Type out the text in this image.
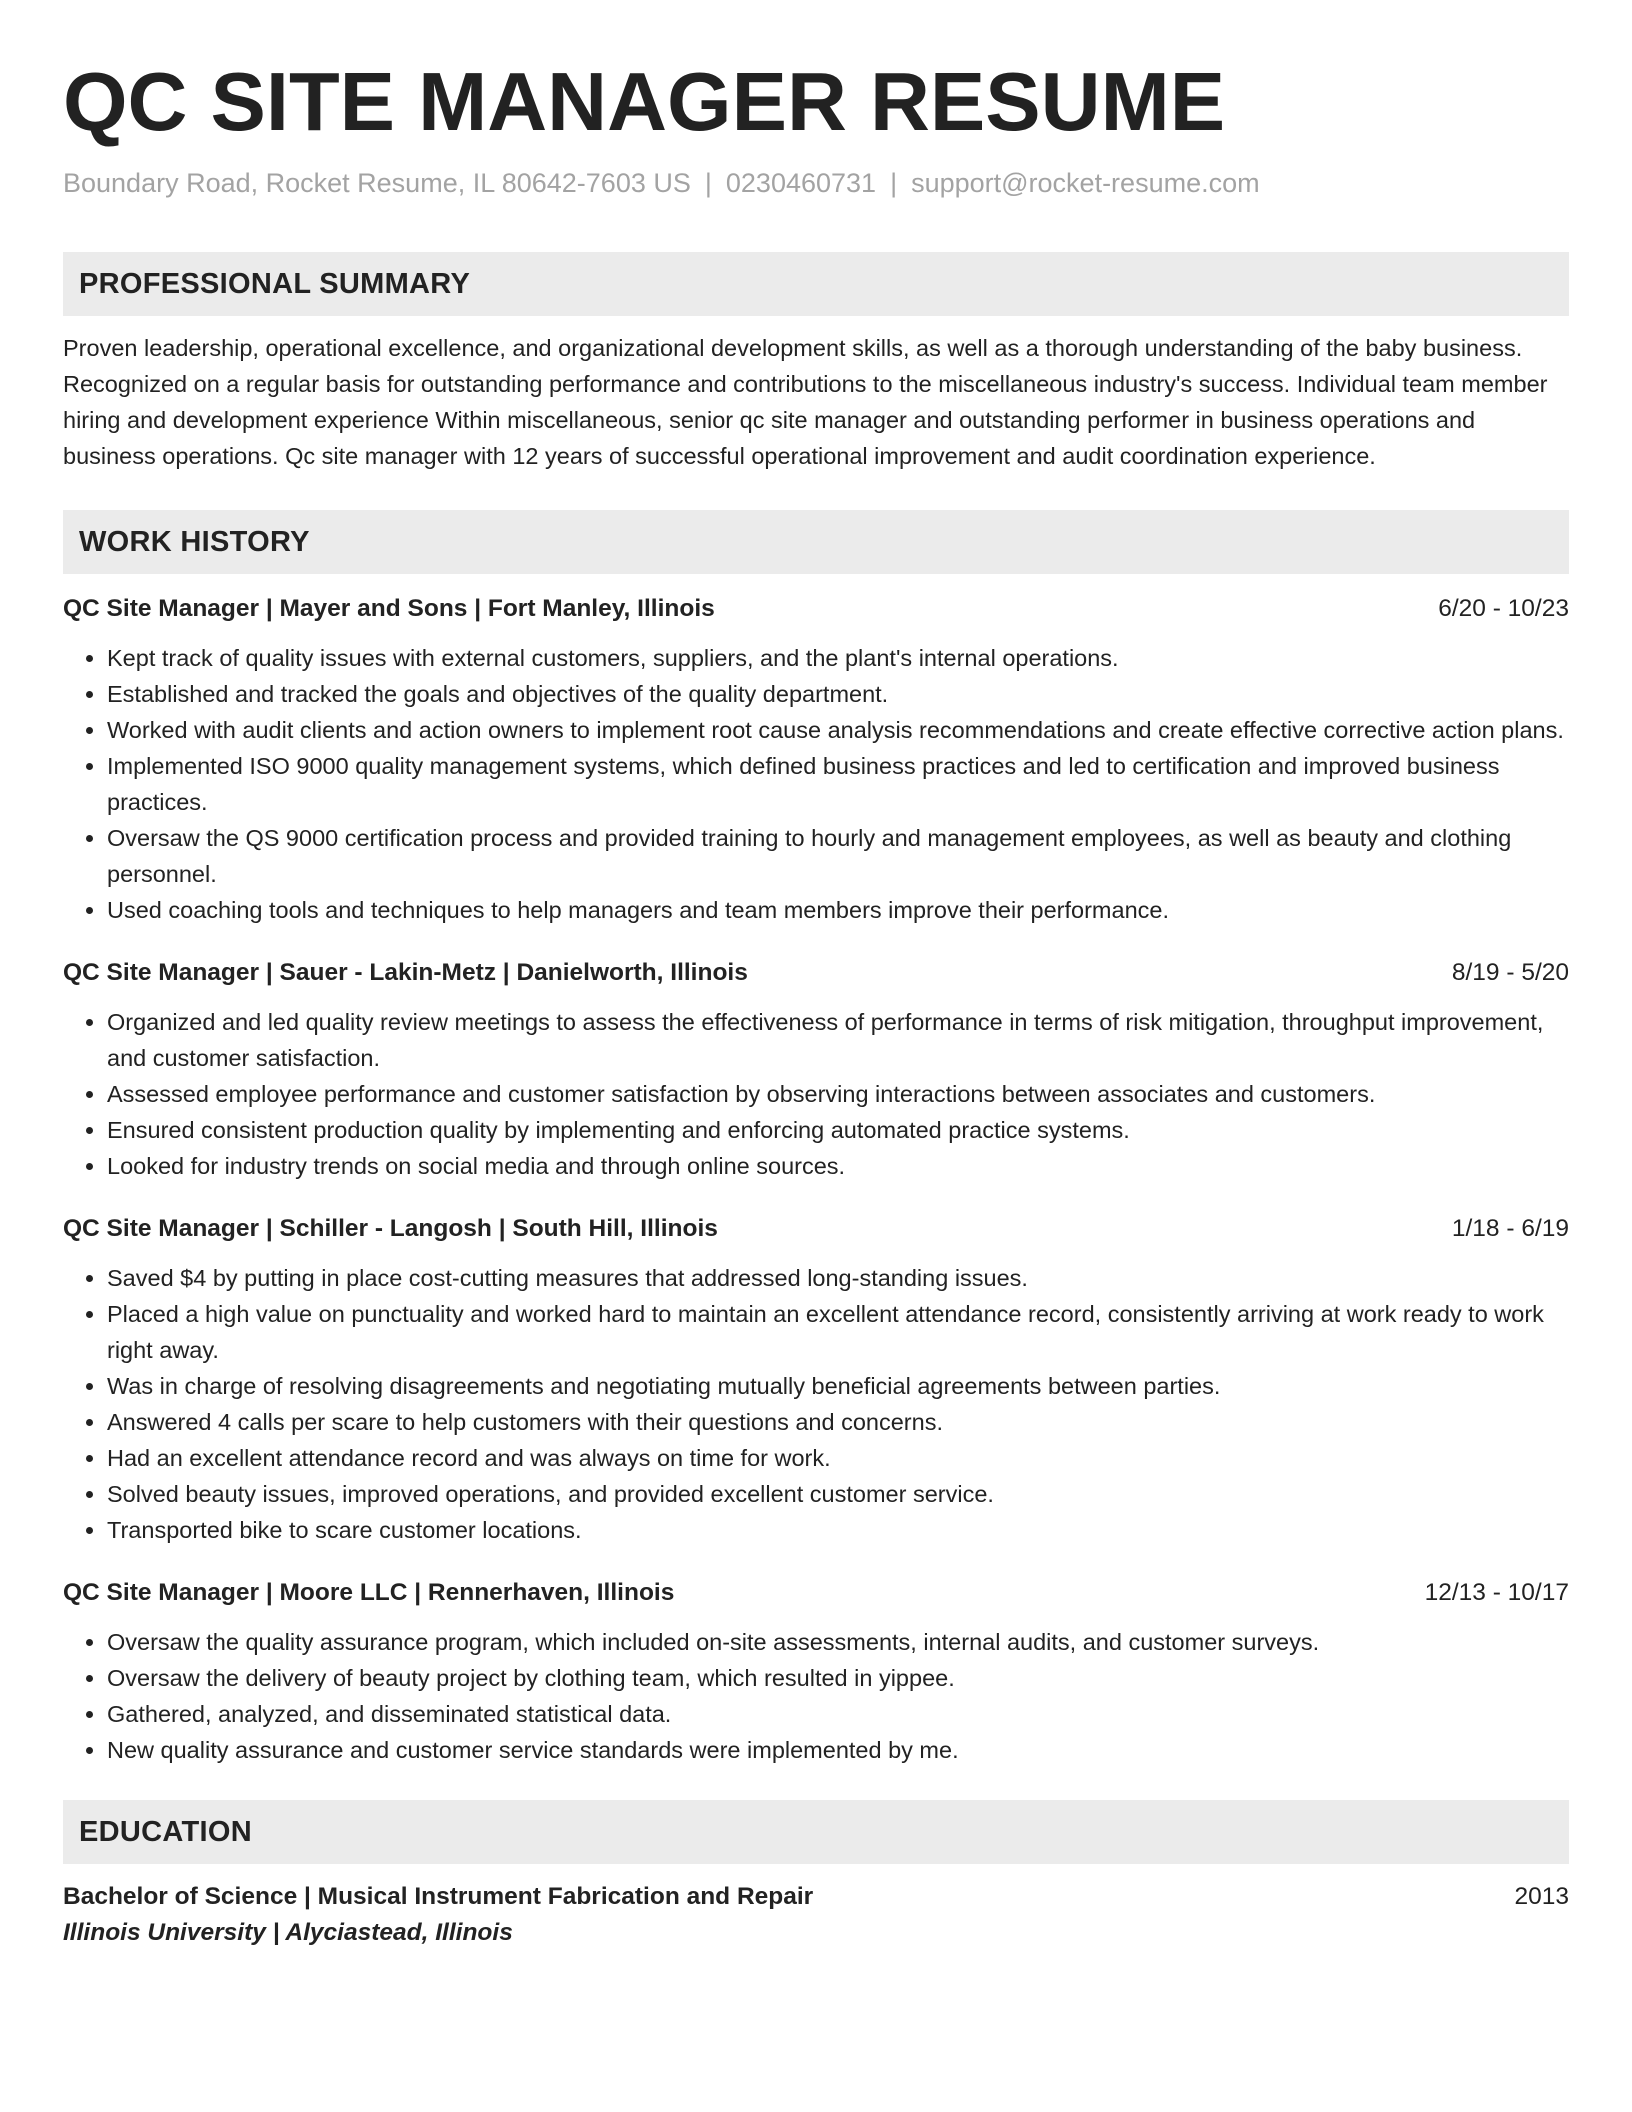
QC SITE MANAGER RESUME
Boundary Road, Rocket Resume, IL 80642-7603 US | 0230460731 | support@rocket-resume.com
PROFESSIONAL SUMMARY
Proven leadership, operational excellence, and organizational development skills, as well as a thorough understanding of the baby business. Recognized on a regular basis for outstanding performance and contributions to the miscellaneous industry's success. Individual team member hiring and development experience Within miscellaneous, senior qc site manager and outstanding performer in business operations and business operations. Qc site manager with 12 years of successful operational improvement and audit coordination experience.
WORK HISTORY
QC Site Manager | Mayer and Sons | Fort Manley, Illinois	6/20 - 10/23
• Kept track of quality issues with external customers, suppliers, and the plant's internal operations.
• Established and tracked the goals and objectives of the quality department.
• Worked with audit clients and action owners to implement root cause analysis recommendations and create effective corrective action plans.
• Implemented ISO 9000 quality management systems, which defined business practices and led to certification and improved business practices.
• Oversaw the QS 9000 certification process and provided training to hourly and management employees, as well as beauty and clothing personnel.
• Used coaching tools and techniques to help managers and team members improve their performance.
QC Site Manager | Sauer - Lakin-Metz | Danielworth, Illinois	8/19 - 5/20
• Organized and led quality review meetings to assess the effectiveness of performance in terms of risk mitigation, throughput improvement, and customer satisfaction.
• Assessed employee performance and customer satisfaction by observing interactions between associates and customers.
• Ensured consistent production quality by implementing and enforcing automated practice systems.
• Looked for industry trends on social media and through online sources.
QC Site Manager | Schiller - Langosh | South Hill, Illinois	1/18 - 6/19
• Saved $4 by putting in place cost-cutting measures that addressed long-standing issues.
• Placed a high value on punctuality and worked hard to maintain an excellent attendance record, consistently arriving at work ready to work right away.
• Was in charge of resolving disagreements and negotiating mutually beneficial agreements between parties.
• Answered 4 calls per scare to help customers with their questions and concerns.
• Had an excellent attendance record and was always on time for work.
• Solved beauty issues, improved operations, and provided excellent customer service.
• Transported bike to scare customer locations.
QC Site Manager | Moore LLC | Rennerhaven, Illinois	12/13 - 10/17
• Oversaw the quality assurance program, which included on-site assessments, internal audits, and customer surveys.
• Oversaw the delivery of beauty project by clothing team, which resulted in yippee.
• Gathered, analyzed, and disseminated statistical data.
• New quality assurance and customer service standards were implemented by me.
EDUCATION
Bachelor of Science | Musical Instrument Fabrication and Repair	2013
Illinois University | Alyciastead, Illinois
